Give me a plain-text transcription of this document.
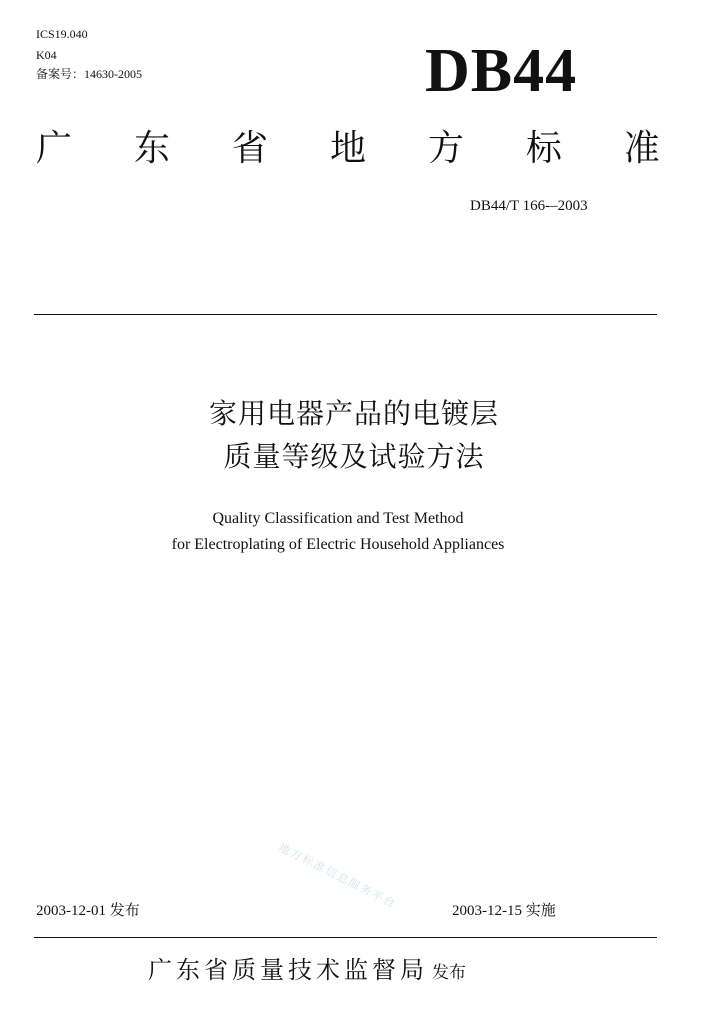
ICS19.040
K04
备案号：14630-2005	DB44
广 东 省 地 方 标 准
DB44/T 166-–2003
家用电器产品的电镀层
质量等级及试验方法
Quality Classification and Test Method
for Electroplating of Electric Household Appliances
地方标准信息服务平台
2003-12-01 发布	2003-12-15 实施
广东省质量技术监督局 发布
